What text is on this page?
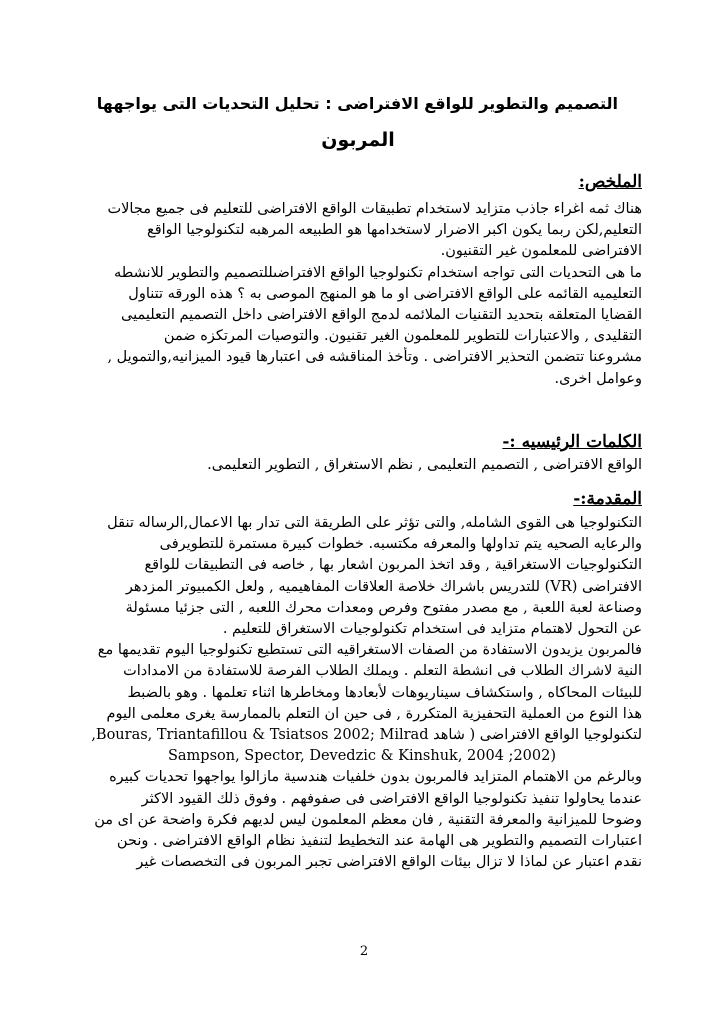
التصميم والتطوير للواقع الافتراضى : تحليل التحديات التى يواجهها
المربون
الملخص:
هناك ثمه اغراء جاذب متزايد لاستخدام تطبيقات الواقع الافتراضى للتعليم فى جميع مجالات
التعليم,لكن ربما يكون اكبر الاضرار لاستخدامها هو الطبيعه المرهبه لتكنولوجيا الواقع
الافتراضى للمعلمون غير التقنيون.
ما هى التحديات التى تواجه استخدام تكنولوجيا الواقع الافتراضىللتصميم والتطوير للانشطه
التعليميه القائمه على الواقع الافتراضى او ما هو المنهج الموصى به ؟ هذه الورقه تتناول
القضايا المتعلقه بتحديد التقنيات الملائمه لدمج الواقع الافتراضى داخل التصميم التعليميى
التقليدى , والاعتبارات للتطوير للمعلمون الغير تقنيون. والتوصيات المرتكزه ضمن
مشروعنا تتضمن التحذير الافتراضى . وتأخذ المناقشه فى اعتبارها قيود الميزانيه,والتمويل ,
وعوامل اخرى.
الكلمات الرئيسيه :-
الواقع الافتراضى , التصميم التعليمى , نظم الاستغراق , التطوير التعليمى.
المقدمة:-
التكنولوجيا هى القوى الشامله, والتى تؤثر على الطريقة التى تدار بها الاعمال,الرساله تنقل
والرعايه الصحيه يتم تداولها والمعرفه مكتسبه. خطوات كبيرة مستمرة للتطويرفى
التكنولوجيات الاستغراقية , وقد اتخذ المربون اشعار بها , خاصه فى التطبيقات للواقع
الافتراضى (VR) للتدريس باشراك خلاصة العلاقات المفاهيميه , ولعل الكمبيوتر المزدهر
وصناعة لعبة اللعبة , مع مصدر مفتوح وفرص ومعدات محرك اللعبه , التى جزئيا مسئولة
عن التحول لاهتمام متزايد فى استخدام تكنولوجيات الاستغراق للتعليم .
فالمربون يزيدون الاستفادة من الصفات الاستغراقيه التى تستطيع تكنولوجيا اليوم تقديمها مع
النية لاشراك الطلاب فى انشطة التعلم . ويملك الطلاب الفرصة للاستفادة من الامدادات
للبيئات المحاكاه , واستكشاف سيناريوهات لأبعادها ومخاطرها اثناء تعلمها . وهو بالضبط
هذا النوع من العملية التحفيزية المتكررة , فى حين ان التعلم بالممارسة يغرى معلمى اليوم
لتكنولوجيا الواقع الافتراضى ( شاهد Bouras, Triantafillou & Tsiatsos 2002; Milrad,
(2002; Sampson, Spector, Devedzic & Kinshuk, 2004
وبالرغم من الاهتمام المتزايد فالمربون بدون خلفيات هندسية مازالوا يواجهوا تحديات كبيره
عندما يحاولوا تنفيذ تكنولوجيا الواقع الافتراضى فى صفوفهم . وفوق ذلك القيود الاكثر
وضوحا للميزانية والمعرفة التقنية , فان معظم المعلمون ليس لديهم فكرة واضحة عن اى من
اعتبارات التصميم والتطوير هى الهامة عند التخطيط لتنفيذ نظام الواقع الافتراضى . ونحن
نقدم اعتبار عن لماذا لا تزال بيئات الواقع الافتراضى تجبر المربون فى التخصصات غير
2
